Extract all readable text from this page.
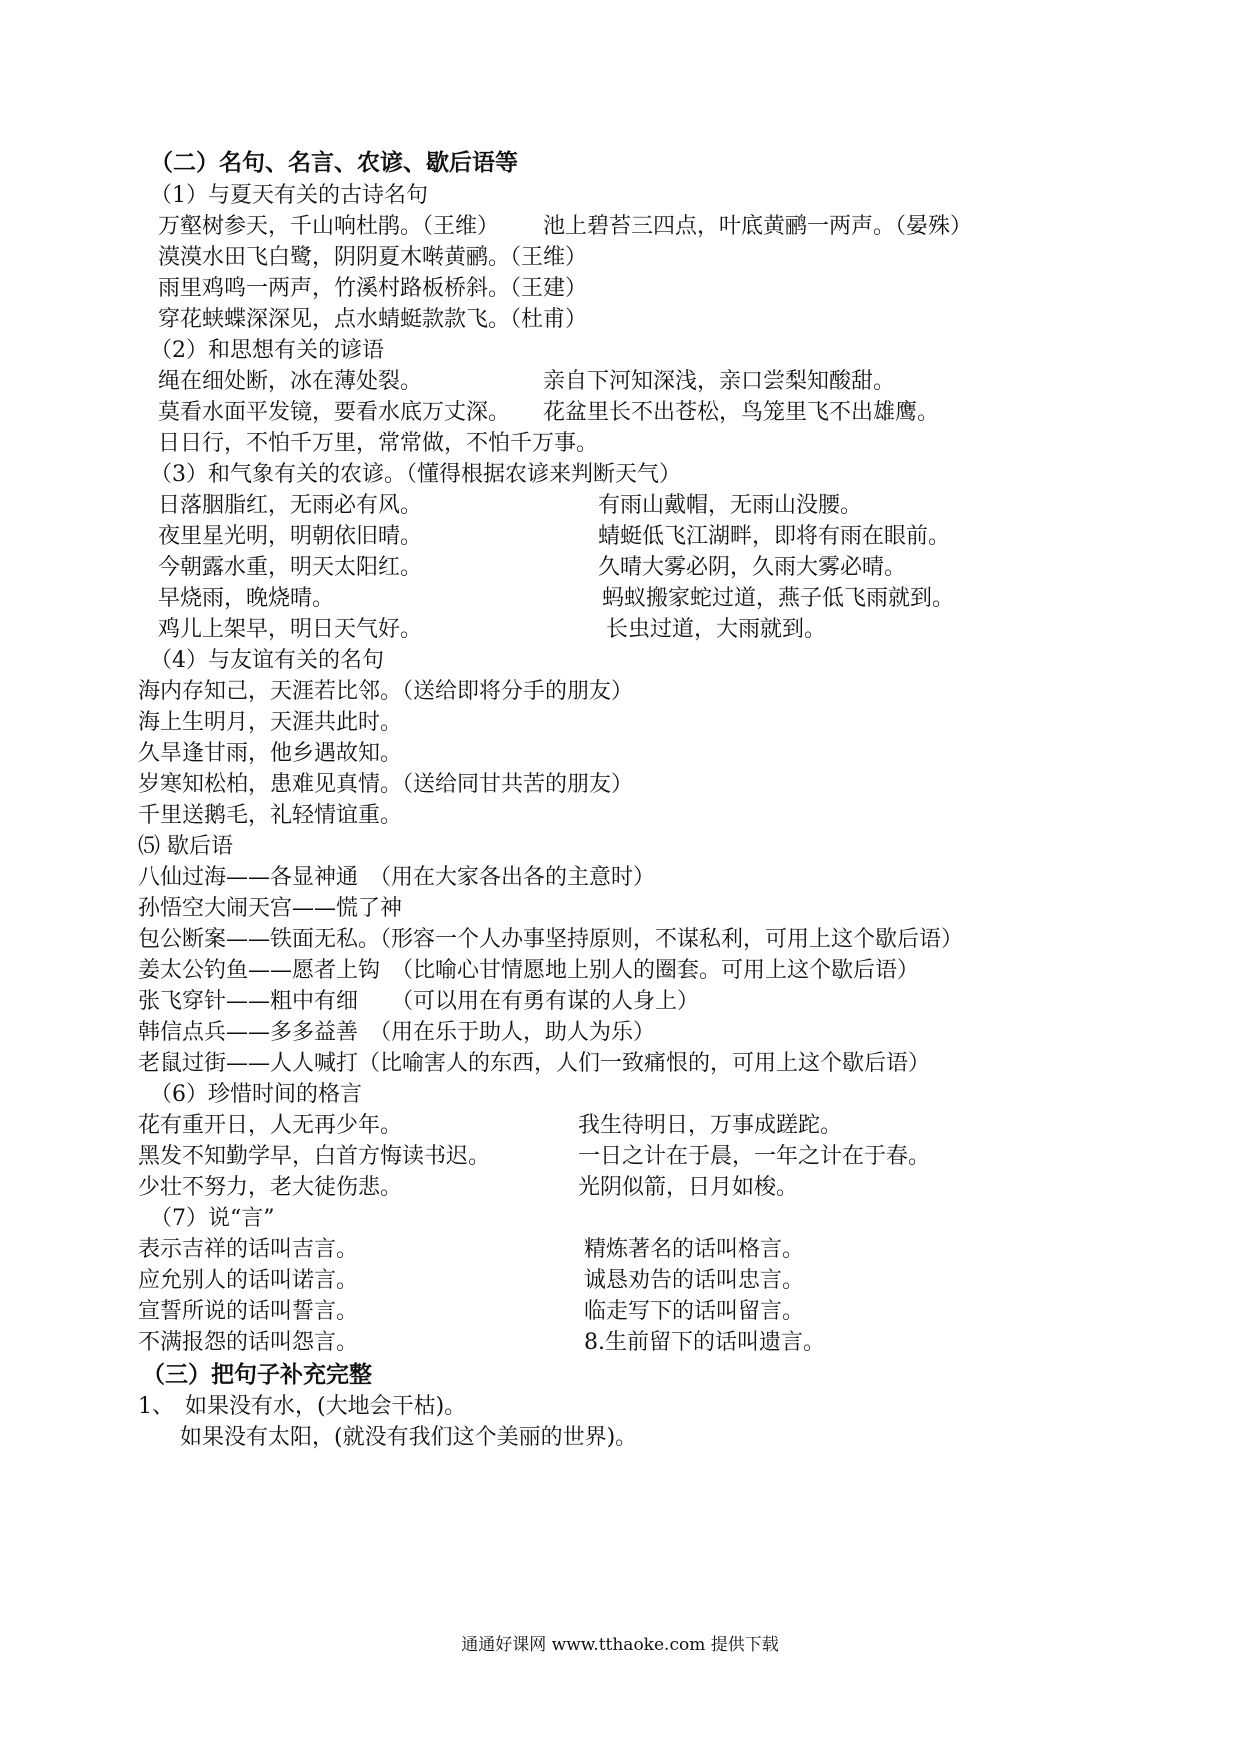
（二）名句、名言、农谚、歇后语等
（1）与夏天有关的古诗名句
万壑树参天，千山响杜鹃。（王维） 池上碧苔三四点，叶底黄鹂一两声。（晏殊）
漠漠水田飞白鹭，阴阴夏木啭黄鹂。（王维）
雨里鸡鸣一两声，竹溪村路板桥斜。（王建）
穿花蛱蝶深深见，点水蜻蜓款款飞。（杜甫）
（2）和思想有关的谚语
绳在细处断，冰在薄处裂。	亲自下河知深浅，亲口尝梨知酸甜。
莫看水面平发镜，要看水底万丈深。 花盆里长不出苍松，鸟笼里飞不出雄鹰。
日日行，不怕千万里，常常做，不怕千万事。
（3）和气象有关的农谚。（懂得根据农谚来判断天气）
日落胭脂红，无雨必有风。	有雨山戴帽，无雨山没腰。
夜里星光明，明朝依旧晴。	蜻蜓低飞江湖畔，即将有雨在眼前。
今朝露水重，明天太阳红。	久晴大雾必阴，久雨大雾必晴。
早烧雨，晚烧晴。	蚂蚁搬家蛇过道，燕子低飞雨就到。
鸡儿上架早，明日天气好。	长虫过道，大雨就到。
（4）与友谊有关的名句
海内存知己，天涯若比邻。（送给即将分手的朋友）
海上生明月，天涯共此时。
久旱逢甘雨，他乡遇故知。
岁寒知松柏，患难见真情。（送给同甘共苦的朋友）
千里送鹅毛，礼轻情谊重。
⑸ 歇后语
八仙过海——各显神通　（用在大家各出各的主意时）
孙悟空大闹天宫——慌了神
包公断案——铁面无私。（形容一个人办事坚持原则，不谋私利，可用上这个歇后语）
姜太公钓鱼——愿者上钩　（比喻心甘情愿地上别人的圈套。可用上这个歇后语）
张飞穿针——粗中有细　　（可以用在有勇有谋的人身上）
韩信点兵——多多益善　（用在乐于助人，助人为乐）
老鼠过街——人人喊打（比喻害人的东西，人们一致痛恨的，可用上这个歇后语）
（6）珍惜时间的格言
花有重开日，人无再少年。	我生待明日，万事成蹉跎。
黑发不知勤学早，白首方悔读书迟。	一日之计在于晨，一年之计在于春。
少壮不努力，老大徒伤悲。	光阴似箭，日月如梭。
（7）说“言”
表示吉祥的话叫吉言。	精炼著名的话叫格言。
应允别人的话叫诺言。	诚恳劝告的话叫忠言。
宣誓所说的话叫誓言。	临走写下的话叫留言。
不满报怨的话叫怨言。	8.生前留下的话叫遗言。
（三）把句子补充完整
1、　如果没有水，(大地会干枯)。
如果没有太阳，(就没有我们这个美丽的世界)。
通通好课网 www.tthaoke.com 提供下载
